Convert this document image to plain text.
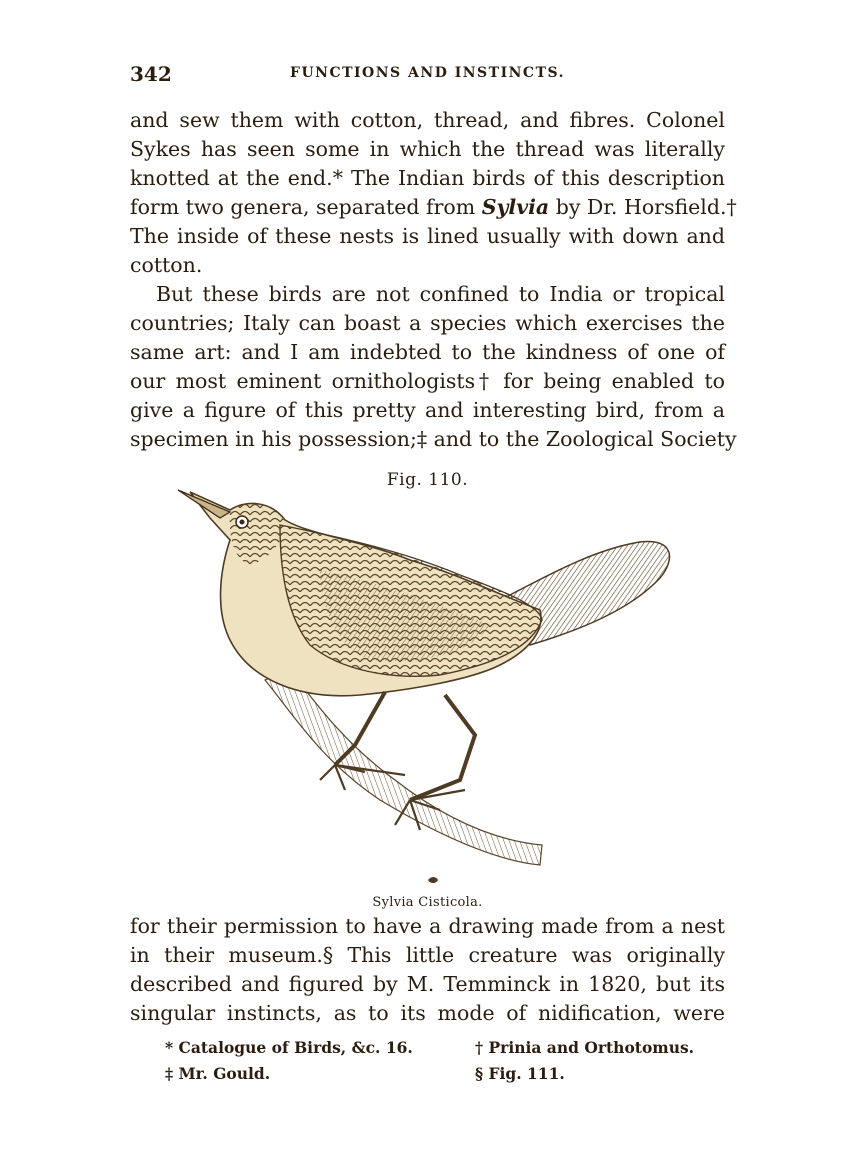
342	FUNCTIONS AND INSTINCTS.
and sew them with cotton, thread, and fibres. Colonel
Sykes has seen some in which the thread was literally
knotted at the end.* The Indian birds of this description
form two genera, separated from Sylvia by Dr. Horsfield.†
The inside of these nests is lined usually with down and
cotton.
But these birds are not confined to India or tropical
countries; Italy can boast a species which exercises the
same art: and I am indebted to the kindness of one of
our most eminent ornithologists† for being enabled to
give a figure of this pretty and interesting bird, from a
specimen in his possession;‡ and to the Zoological Society
Fig. 110.
Sylvia Cisticola.
for their permission to have a drawing made from a nest
in their museum.§ This little creature was originally
described and figured by M. Temminck in 1820, but its
singular instincts, as to its mode of nidification, were
* Catalogue of Birds, &c. 16.	† Prinia and Orthotomus.
‡ Mr. Gould.	§ Fig. 111.
